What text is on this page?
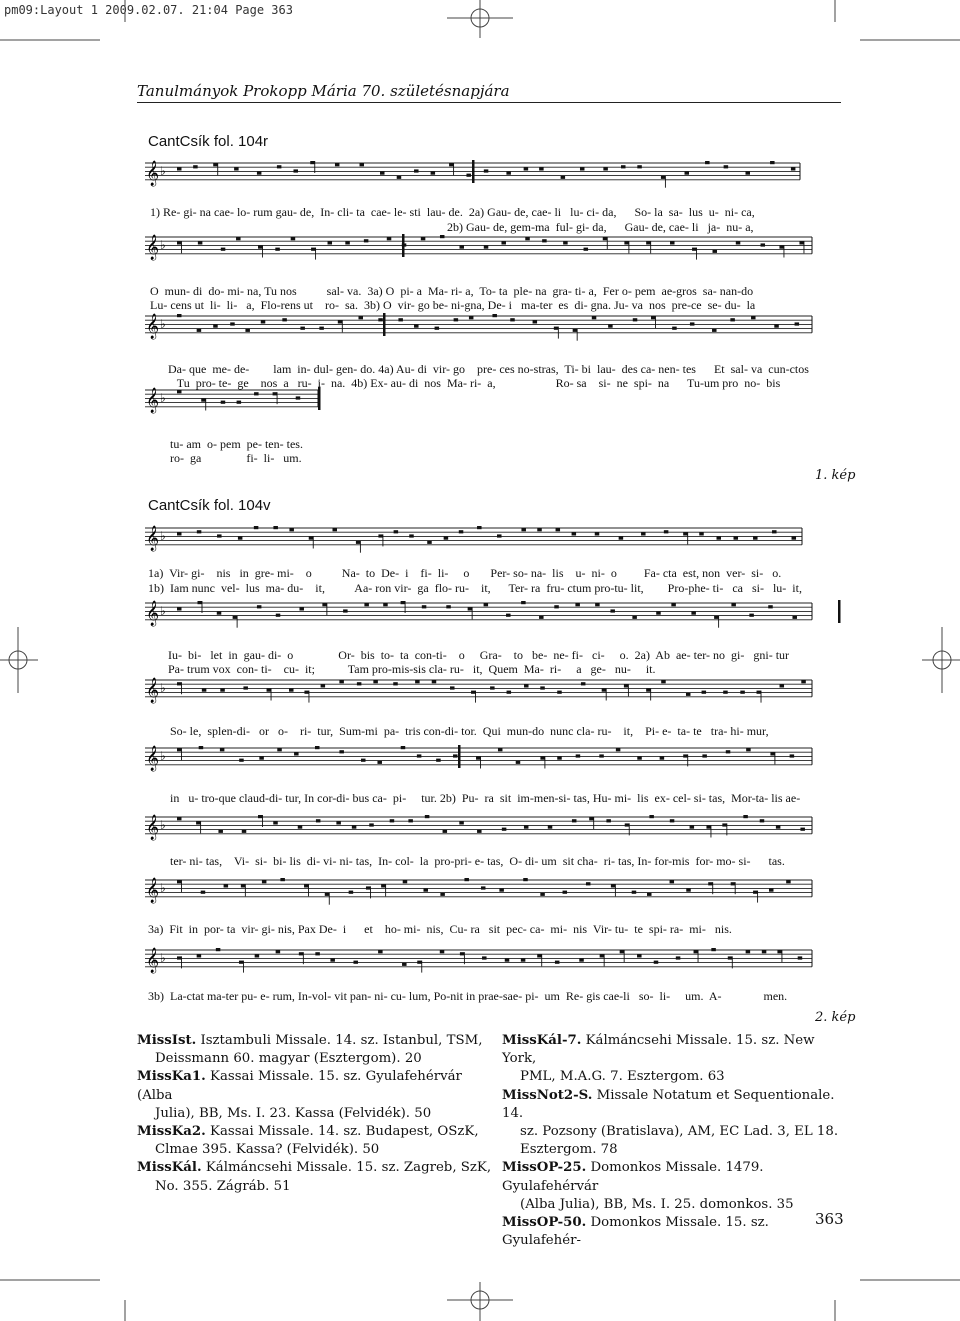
pm09:Layout 1 2009.02.07. 21:04 Page 363
Tanulmányok Prokopp Mária 70. születésnapjára
CantCsík fol. 104r
𝄞 ♭
𝄞 ♭
𝄞 ♭
𝄞 ♭
𝄞 ♭
𝄞 ♭
𝄞 ♭
𝄞 ♭
𝄞 ♭
𝄞 ♭
𝄞 ♭
1) Re- gi- na cae- lo- rum gau- de,  In- cli- ta  cae- le- sti  lau- de.  2a) Gau- de, cae- li   lu- ci- da,      So- la  sa-  lus  u-  ni- ca,
2b) Gau- de, gem-ma  ful- gi- da,      Gau- de, cae- li   ja-  nu- a,
O  mun- di  do- mi- na, Tu nos          sal- va.  3a) O  pi- a  Ma- ri- a,  To- ta  ple- na  gra- ti- a,  Fer o- pem  ae-gros  sa- nan-do
Lu- cens ut  li-  li-   a,  Flo-rens ut    ro-  sa.  3b) O  vir- go be- ni-gna, De- i   ma-ter  es  di- gna. Ju- va  nos  pre-ce  se- du-  la
Da- que  me- de-        lam  in- dul- gen- do. 4a) Au- di  vir- go    pre- ces no-stras,  Ti- bi  lau-  des ca- nen- tes      Et  sal- va  cun-ctos
Tu  pro- te-  ge    nos  a   ru-  i-  na.  4b) Ex- au- di  nos  Ma- ri-  a,                    Ro- sa    si-  ne  spi-  na      Tu-um pro  no-  bis
tu- am  o- pem  pe- ten- tes.
ro-  ga               fi-  li-   um.
1. kép
CantCsík fol. 104v
1a)  Vir- gi-    nis   in  gre- mi-    o          Na-  to  De-  i    fi-  li-     o       Per- so- na-  lis    u-  ni-  o         Fa- cta  est, non  ver-  si-   o.
1b)  Iam nunc  vel-  lus  ma- du-    it,          Aa- ron vir-  ga  flo- ru-    it,      Ter- ra  fru- ctum pro-tu- lit,        Pro-phe- ti-   ca   si-   lu-  it,
Iu-  bi-   let  in  gau- di-  o               Or-  bis  to-  ta  con-ti-    o     Gra-    to   be-  ne- fi-   ci-     o.  2a)  Ab  ae- ter- no  gi-   gni- tur
Pa- trum vox  con- ti-    cu-  it;           Tam pro-mis-sis cla- ru-   it,  Quem  Ma-  ri-     a   ge-   nu-     it.
So- le,  splen-di-   or   o-    ri-  tur,  Sum-mi  pa-  tris con-di- tor.  Qui  mun-do  nunc cla- ru-    it,    Pi- e-  ta- te   tra- hi- mur,
in   u- tro-que claud-di- tur, In cor-di- bus ca-  pi-     tur. 2b)  Pu-  ra  sit  im-men-si- tas, Hu- mi-  lis  ex- cel- si- tas,  Mor-ta- lis ae-
ter- ni- tas,    Vi-  si-  bi- lis  di- vi- ni- tas,  In- col-  la  pro-pri- e- tas,  O- di- um  sit cha-  ri- tas, In- for-mis  for- mo- si-      tas.
3a)  Fit  in  por- ta  vir- gi- nis, Pax De-  i      et    ho- mi-  nis,  Cu- ra   sit  pec- ca-  mi-  nis  Vir- tu-  te  spi- ra-  mi-   nis.
3b)  La-ctat ma-ter pu- e- rum, In-vol- vit pan- ni- cu- lum, Po-nit in prae-sae- pi-  um  Re- gis cae-li   so-  li-     um.  A-              men.
2. kép
MissIst. Isztambuli Missale. 14. sz. Istanbul, TSM,
Deissmann 60. magyar (Esztergom). 20
MissKa1. Kassai Missale. 15. sz. Gyulafehérvár (Alba
Julia), BB, Ms. I. 23. Kassa (Felvidék). 50
MissKa2. Kassai Missale. 14. sz. Budapest, OSzK,
Clmae 395. Kassa? (Felvidék). 50
MissKál. Kálmáncsehi Missale. 15. sz. Zagreb, SzK,
No. 355. Zágráb. 51
MissKál-7. Kálmáncsehi Missale. 15. sz. New York,
PML, M.A.G. 7. Esztergom. 63
MissNot2-S. Missale Notatum et Sequentionale. 14.
sz. Pozsony (Bratislava), AM, EC Lad. 3, EL 18.
Esztergom. 78
MissOP-25. Domonkos Missale. 1479. Gyulafehérvár
(Alba Julia), BB, Ms. I. 25. domonkos. 35
MissOP-50. Domonkos Missale. 15. sz. Gyulafehér-
363
